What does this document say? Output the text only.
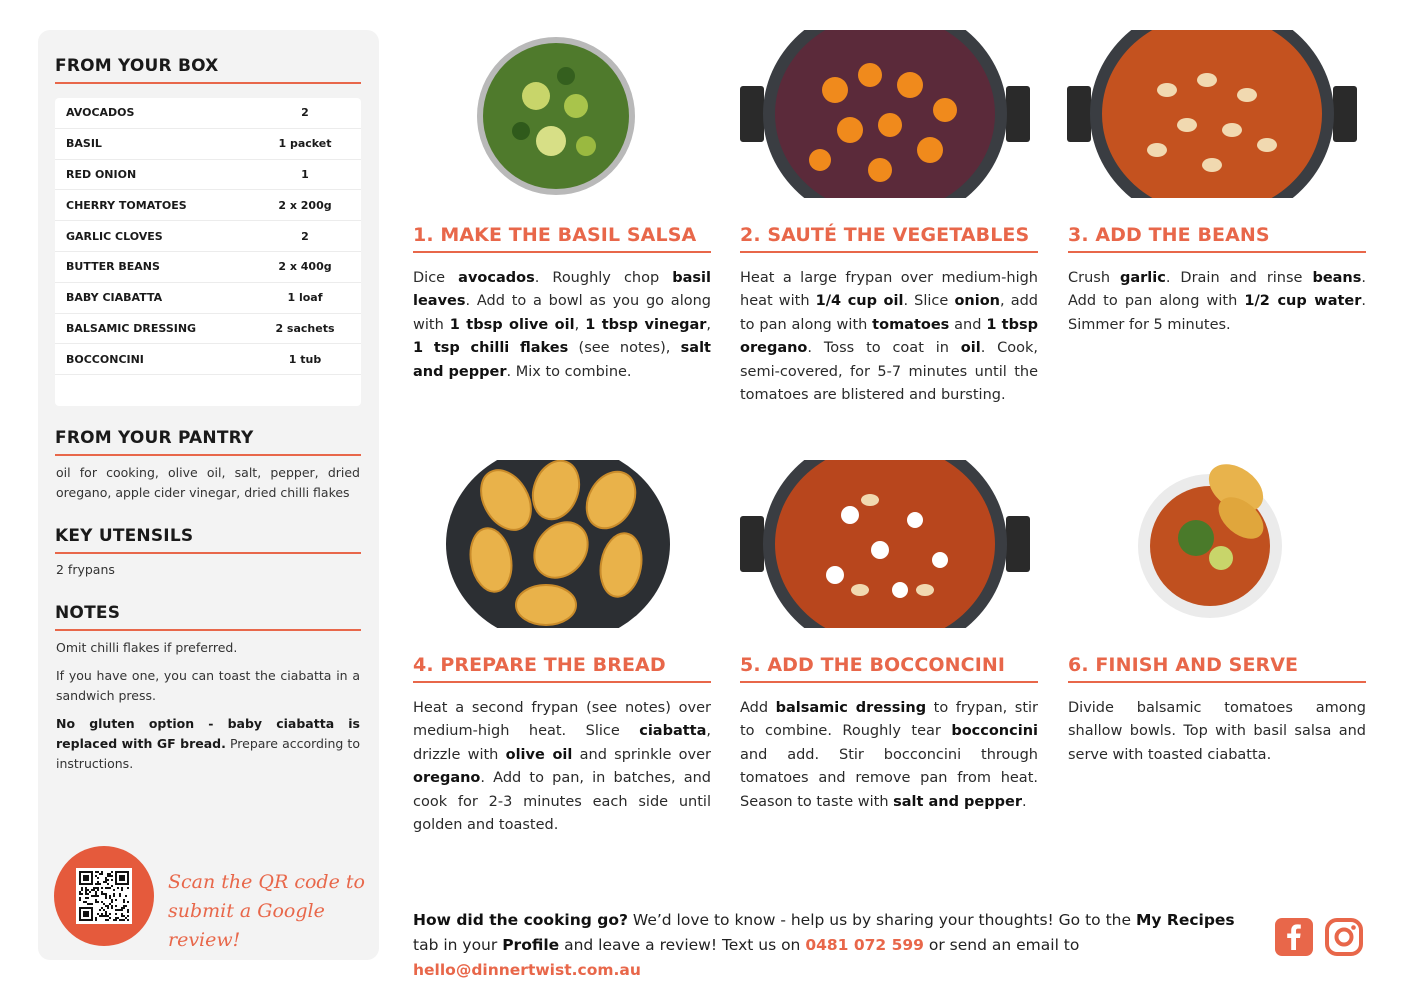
FROM YOUR BOX
AVOCADOS	2
BASIL	1 packet
RED ONION	1
CHERRY TOMATOES	2 x 200g
GARLIC CLOVES	2
BUTTER BEANS	2 x 400g
BABY CIABATTA	1 loaf
BALSAMIC DRESSING	2 sachets
BOCCONCINI	1 tub
FROM YOUR PANTRY
oil for cooking, olive oil, salt, pepper, dried oregano, apple cider vinegar, dried chilli flakes
KEY UTENSILS
2 frypans
NOTES
Omit chilli flakes if preferred.
If you have one, you can toast the ciabatta in a sandwich press.
No gluten option - baby ciabatta is replaced with GF bread. Prepare according to instructions.
Scan the QR code to
submit a Google review!
1. MAKE THE BASIL SALSA
Dice avocados. Roughly chop basil leaves. Add to a bowl as you go along with 1 tbsp olive oil, 1 tbsp vinegar, 1 tsp chilli flakes (see notes), salt and pepper. Mix to combine.
2. SAUTÉ THE VEGETABLES
Heat a large frypan over medium-high heat with 1/4 cup oil. Slice onion, add to pan along with tomatoes and 1 tbsp oregano. Toss to coat in oil. Cook, semi-covered, for 5-7 minutes until the tomatoes are blistered and bursting.
3. ADD THE BEANS
Crush garlic. Drain and rinse beans. Add to pan along with 1/2 cup water. Simmer for 5 minutes.
4. PREPARE THE BREAD
Heat a second frypan (see notes) over medium-high heat. Slice ciabatta, drizzle with olive oil and sprinkle over oregano. Add to pan, in batches, and cook for 2-3 minutes each side until golden and toasted.
5. ADD THE BOCCONCINI
Add balsamic dressing to frypan, stir to combine. Roughly tear bocconcini and add. Stir bocconcini through tomatoes and remove pan from heat. Season to taste with salt and pepper.
6. FINISH AND SERVE
Divide balsamic tomatoes among shallow bowls. Top with basil salsa and serve with toasted ciabatta.
How did the cooking go? We’d love to know - help us by sharing your thoughts! Go to the My Recipes tab in your Profile and leave a review! Text us on 0481 072 599 or send an email to hello@dinnertwist.com.au
